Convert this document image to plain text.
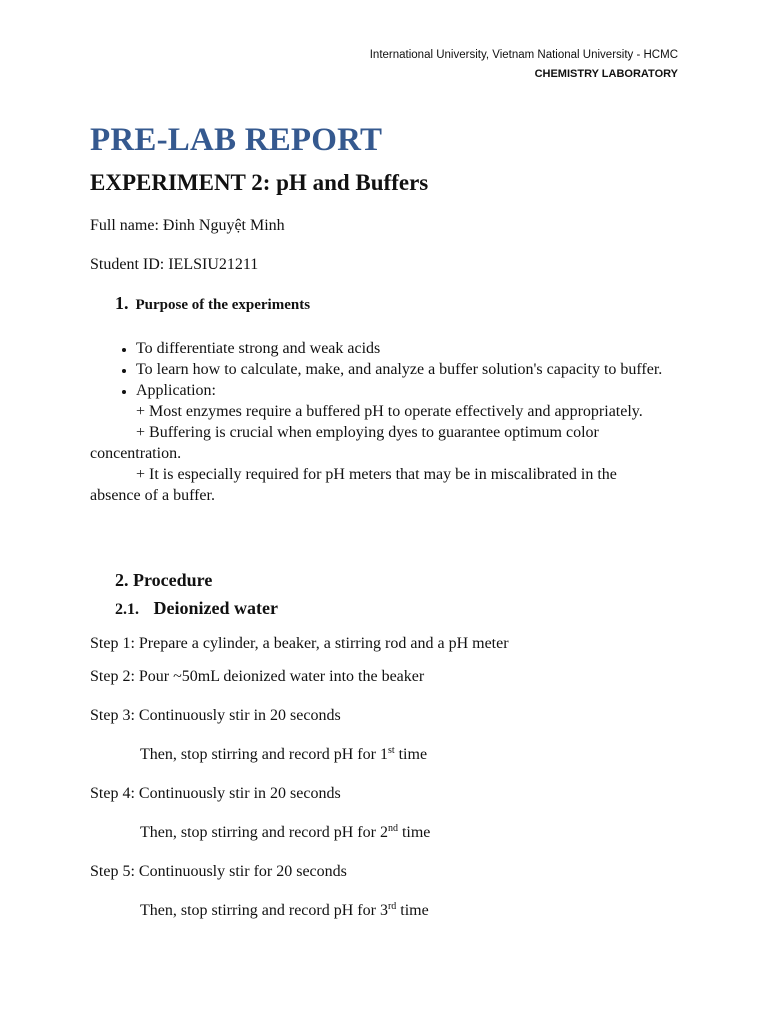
International University, Vietnam National University - HCMC
CHEMISTRY LABORATORY
PRE-LAB REPORT
EXPERIMENT 2: pH and Buffers
Full name: Đinh Nguyệt Minh
Student ID: IELSIU21211
1. Purpose of the experiments
• To differentiate strong and weak acids
• To learn how to calculate, make, and analyze a buffer solution's capacity to buffer.
• Application:
+ Most enzymes require a buffered pH to operate effectively and appropriately.
+ Buffering is crucial when employing dyes to guarantee optimum color
concentration.
+ It is especially required for pH meters that may be in miscalibrated in the
absence of a buffer.
2. Procedure
2.1. Deionized water
Step 1: Prepare a cylinder, a beaker, a stirring rod and a pH meter
Step 2: Pour ~50mL deionized water into the beaker
Step 3: Continuously stir in 20 seconds
Then, stop stirring and record pH for 1st time
Step 4: Continuously stir in 20 seconds
Then, stop stirring and record pH for 2nd time
Step 5: Continuously stir for 20 seconds
Then, stop stirring and record pH for 3rd time
